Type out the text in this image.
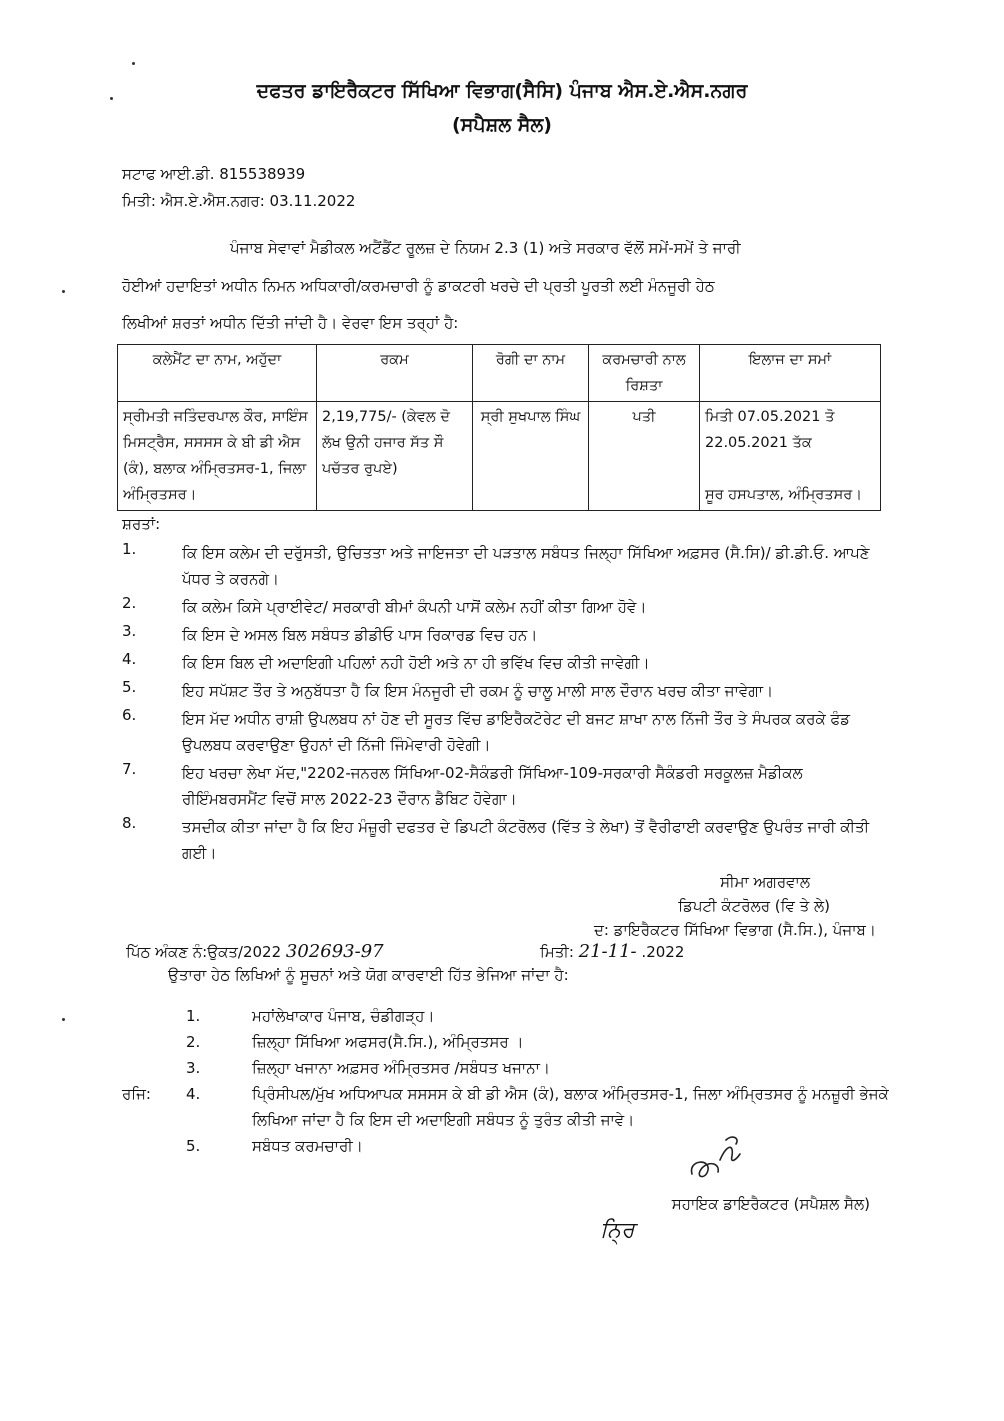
ਦਫਤਰ ਡਾਇਰੈਕਟਰ ਸਿੱਖਿਆ ਵਿਭਾਗ(ਸੈਸਿ) ਪੰਜਾਬ ਐਸ.ਏ.ਐਸ.ਨਗਰ
(ਸਪੈਸ਼ਲ ਸੈਲ)
ਸਟਾਫ ਆਈ.ਡੀ. 815538939
ਮਿਤੀ: ਐਸ.ਏ.ਐਸ.ਨਗਰ: 03.11.2022
ਪੰਜਾਬ ਸੇਵਾਵਾਂ ਮੈਡੀਕਲ ਅਟੈਂਡੈਂਟ ਰੂਲਜ਼ ਦੇ ਨਿਯਮ 2.3 (1) ਅਤੇ ਸਰਕਾਰ ਵੱਲੋਂ ਸਮੇਂ-ਸਮੇਂ ਤੇ ਜਾਰੀ
ਹੋਈਆਂ ਹਦਾਇਤਾਂ ਅਧੀਨ ਨਿਮਨ ਅਧਿਕਾਰੀ/ਕਰਮਚਾਰੀ ਨੂੰ ਡਾਕਟਰੀ ਖਰਚੇ ਦੀ ਪ੍ਰਤੀ ਪੂਰਤੀ ਲਈ ਮੰਨਜੂਰੀ ਹੇਠ
ਲਿਖੀਆਂ ਸ਼ਰਤਾਂ ਅਧੀਨ ਦਿੱਤੀ ਜਾਂਦੀ ਹੈ। ਵੇਰਵਾ ਇਸ ਤਰ੍ਹਾਂ ਹੈ:
ਕਲੇਮੈਂਟ ਦਾ ਨਾਮ, ਅਹੁੱਦਾ	ਰਕਮ	ਰੋਗੀ ਦਾ ਨਾਮ	ਕਰਮਚਾਰੀ ਨਾਲ ਰਿਸ਼ਤਾ	ਇਲਾਜ ਦਾ ਸਮਾਂ
ਸ੍ਰੀਮਤੀ ਜਤਿੰਦਰਪਾਲ ਕੌਰ, ਸਾਇੰਸ ਮਿਸਟ੍ਰੈਸ, ਸਸਸਸ ਕੇ ਬੀ ਡੀ ਐਸ (ਕੰ), ਬਲਾਕ ਅੰਮ੍ਰਿਤਸਰ-1, ਜਿਲਾ ਅੰਮ੍ਰਿਤਸਰ।	2,19,775/- (ਕੇਵਲ ਦੋ ਲੱਖ ਉਨੀ ਹਜਾਰ ਸੱਤ ਸੌ ਪਚੱਤਰ ਰੁਪਏ)	ਸ੍ਰੀ ਸੁਖਪਾਲ ਸਿੰਘ	ਪਤੀ	ਮਿਤੀ 07.05.2021 ਤੋ 22.05.2021 ਤੱਕ
ਸੂਰ ਹਸਪਤਾਲ, ਅੰਮ੍ਰਿਤਸਰ।
ਸ਼ਰਤਾਂ:
1.	ਕਿ ਇਸ ਕਲੇਮ ਦੀ ਦਰੁੱਸਤੀ, ਉਚਿਤਤਾ ਅਤੇ ਜਾਇਜਤਾ ਦੀ ਪੜਤਾਲ ਸਬੰਧਤ ਜਿਲ੍ਹਾ ਸਿੱਖਿਆ ਅਫ਼ਸਰ (ਸੈ.ਸਿ)/ ਡੀ.ਡੀ.ਓ. ਆਪਣੇ ਪੱਧਰ ਤੇ ਕਰਨਗੇ।
2.	ਕਿ ਕਲੇਮ ਕਿਸੇ ਪ੍ਰਾਈਵੇਟ/ ਸਰਕਾਰੀ ਬੀਮਾਂ ਕੰਪਨੀ ਪਾਸੋਂ ਕਲੇਮ ਨਹੀਂ ਕੀਤਾ ਗਿਆ ਹੋਵੇ।
3.	ਕਿ ਇਸ ਦੇ ਅਸਲ ਬਿਲ ਸਬੰਧਤ ਡੀਡੀਓ ਪਾਸ ਰਿਕਾਰਡ ਵਿਚ ਹਨ।
4.	ਕਿ ਇਸ ਬਿਲ ਦੀ ਅਦਾਇਗੀ ਪਹਿਲਾਂ ਨਹੀ ਹੋਈ ਅਤੇ ਨਾ ਹੀ ਭਵਿੱਖ ਵਿਚ ਕੀਤੀ ਜਾਵੇਗੀ।
5.	ਇਹ ਸਪੱਸ਼ਟ ਤੌਰ ਤੇ ਅਨੁਬੱਧਤਾ ਹੈ ਕਿ ਇਸ ਮੰਨਜੂਰੀ ਦੀ ਰਕਮ ਨੂੰ ਚਾਲੂ ਮਾਲੀ ਸਾਲ ਦੌਰਾਨ ਖਰਚ ਕੀਤਾ ਜਾਵੇਗਾ।
6.	ਇਸ ਮੱਦ ਅਧੀਨ ਰਾਸ਼ੀ ਉਪਲਬਧ ਨਾਂ ਹੋਣ ਦੀ ਸੂਰਤ ਵਿੱਚ ਡਾਇਰੈਕਟੋਰੇਟ ਦੀ ਬਜਟ ਸ਼ਾਖਾ ਨਾਲ ਨਿੱਜੀ ਤੌਰ ਤੇ ਸੰਪਰਕ ਕਰਕੇ ਫੰਡ ਉਪਲਬਧ ਕਰਵਾਉਣਾ ਉਹਨਾਂ ਦੀ ਨਿੱਜੀ ਜਿੰਮੇਵਾਰੀ ਹੋਵੇਗੀ।
7.	ਇਹ ਖਰਚਾ ਲੇਖਾ ਮੱਦ,"2202-ਜਨਰਲ ਸਿੱਖਿਆ-02-ਸੈਕੰਡਰੀ ਸਿੱਖਿਆ-109-ਸਰਕਾਰੀ ਸੈਕੰਡਰੀ ਸਰਕੂਲਜ਼ ਮੈਡੀਕਲ ਰੀਇੰਮਬਰਸਮੈਂਟ ਵਿਚੋਂ ਸਾਲ 2022-23 ਦੌਰਾਨ ਡੈਬਿਟ ਹੋਵੇਗਾ।
8.	ਤਸਦੀਕ ਕੀਤਾ ਜਾਂਦਾ ਹੈ ਕਿ ਇਹ ਮੰਜ਼ੂਰੀ ਦਫਤਰ ਦੇ ਡਿਪਟੀ ਕੰਟਰੋਲਰ (ਵਿੱਤ ਤੇ ਲੇਖਾ) ਤੋਂ ਵੈਰੀਫਾਈ ਕਰਵਾਉਣ ਉਪਰੰਤ ਜਾਰੀ ਕੀਤੀ ਗਈ।
ਸੀਮਾ ਅਗਰਵਾਲ
ਡਿਪਟੀ ਕੰਟਰੋਲਰ (ਵਿ ਤੇ ਲੇ)
ਦ: ਡਾਇਰੈਕਟਰ ਸਿੱਖਿਆ ਵਿਭਾਗ (ਸੈ.ਸਿ.), ਪੰਜਾਬ।
ਪਿੱਠ ਅੰਕਣ ਨੰ:ਉਕਤ/2022 302693-97	ਮਿਤੀ: 21-11- .2022
ਉਤਾਰਾ ਹੇਠ ਲਿਖਿਆਂ ਨੂੰ ਸੂਚਨਾਂ ਅਤੇ ਯੋਗ ਕਾਰਵਾਈ ਹਿੱਤ ਭੇਜਿਆ ਜਾਂਦਾ ਹੈ:
1.	ਮਹਾਂਲੇਖਾਕਾਰ ਪੰਜਾਬ, ਚੰਡੀਗੜ੍ਹ।
2.	ਜ਼ਿਲ੍ਹਾ ਸਿੱਖਿਆ ਅਫਸਰ(ਸੈ.ਸਿ.), ਅੰਮ੍ਰਿਤਸਰ ।
3.	ਜ਼ਿਲ੍ਹਾ ਖਜਾਨਾ ਅਫ਼ਸਰ ਅੰਮ੍ਰਿਤਸਰ /ਸਬੰਧਤ ਖਜਾਨਾ।
ਰਜਿ:	4.	ਪ੍ਰਿੰਸੀਪਲ/ਮੁੱਖ ਅਧਿਆਪਕ ਸਸਸਸ ਕੇ ਬੀ ਡੀ ਐਸ (ਕੰ), ਬਲਾਕ ਅੰਮ੍ਰਿਤਸਰ-1, ਜਿਲਾ ਅੰਮ੍ਰਿਤਸਰ ਨੂੰ ਮਨਜ਼ੂਰੀ ਭੇਜਕੇ ਲਿਖਿਆ ਜਾਂਦਾ ਹੈ ਕਿ ਇਸ ਦੀ ਅਦਾਇਗੀ ਸਬੰਧਤ ਨੂੰ ਤੁਰੰਤ ਕੀਤੀ ਜਾਵੇ।
5.	ਸਬੰਧਤ ਕਰਮਚਾਰੀ।
ਸਹਾਇਕ ਡਾਇਰੈਕਟਰ (ਸਪੈਸ਼ਲ ਸੈਲ)
ਨ੍ਰਿ
